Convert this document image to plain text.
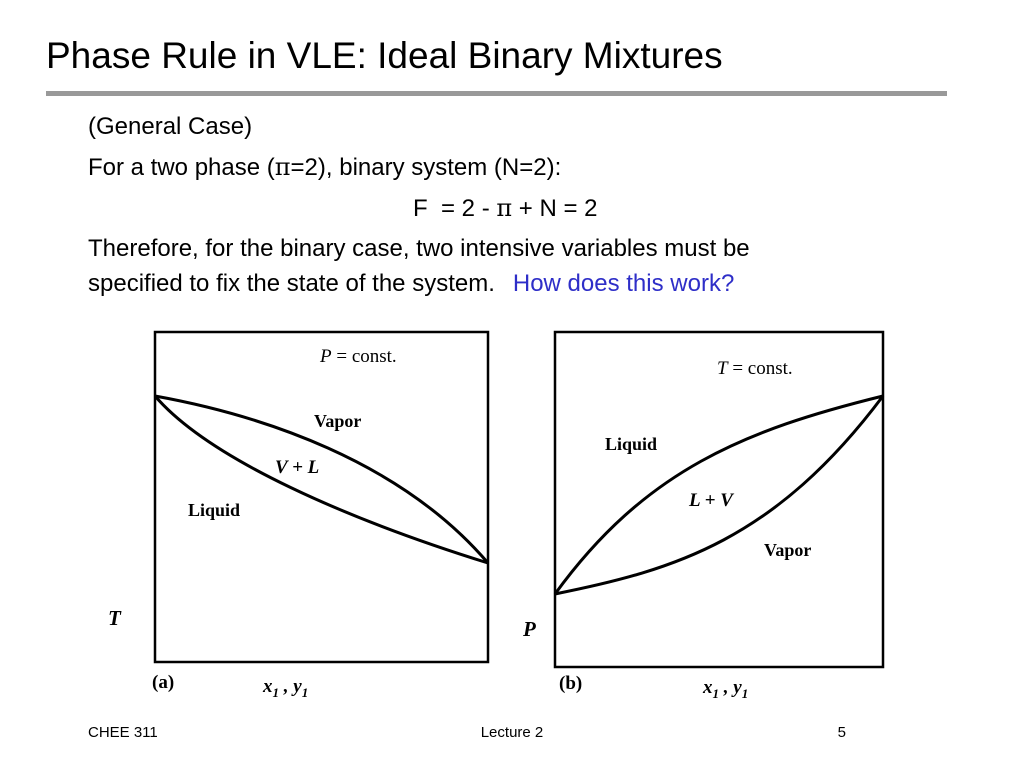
Phase Rule in VLE: Ideal Binary Mixtures

(General Case)

For a two phase (π=2), binary system (N=2):

F  = 2 - π + N = 2

Therefore, for the binary case, two intensive variables must be

specified to fix the state of the system. How does this work?

P = const.
Vapor
V + L
Liquid
T
(a)	$x_1$ , $y_1$
T = const.
Liquid
L + V
Vapor
P
(b)	$x_1$ , $y_1$
CHEE 311	Lecture 2	5
